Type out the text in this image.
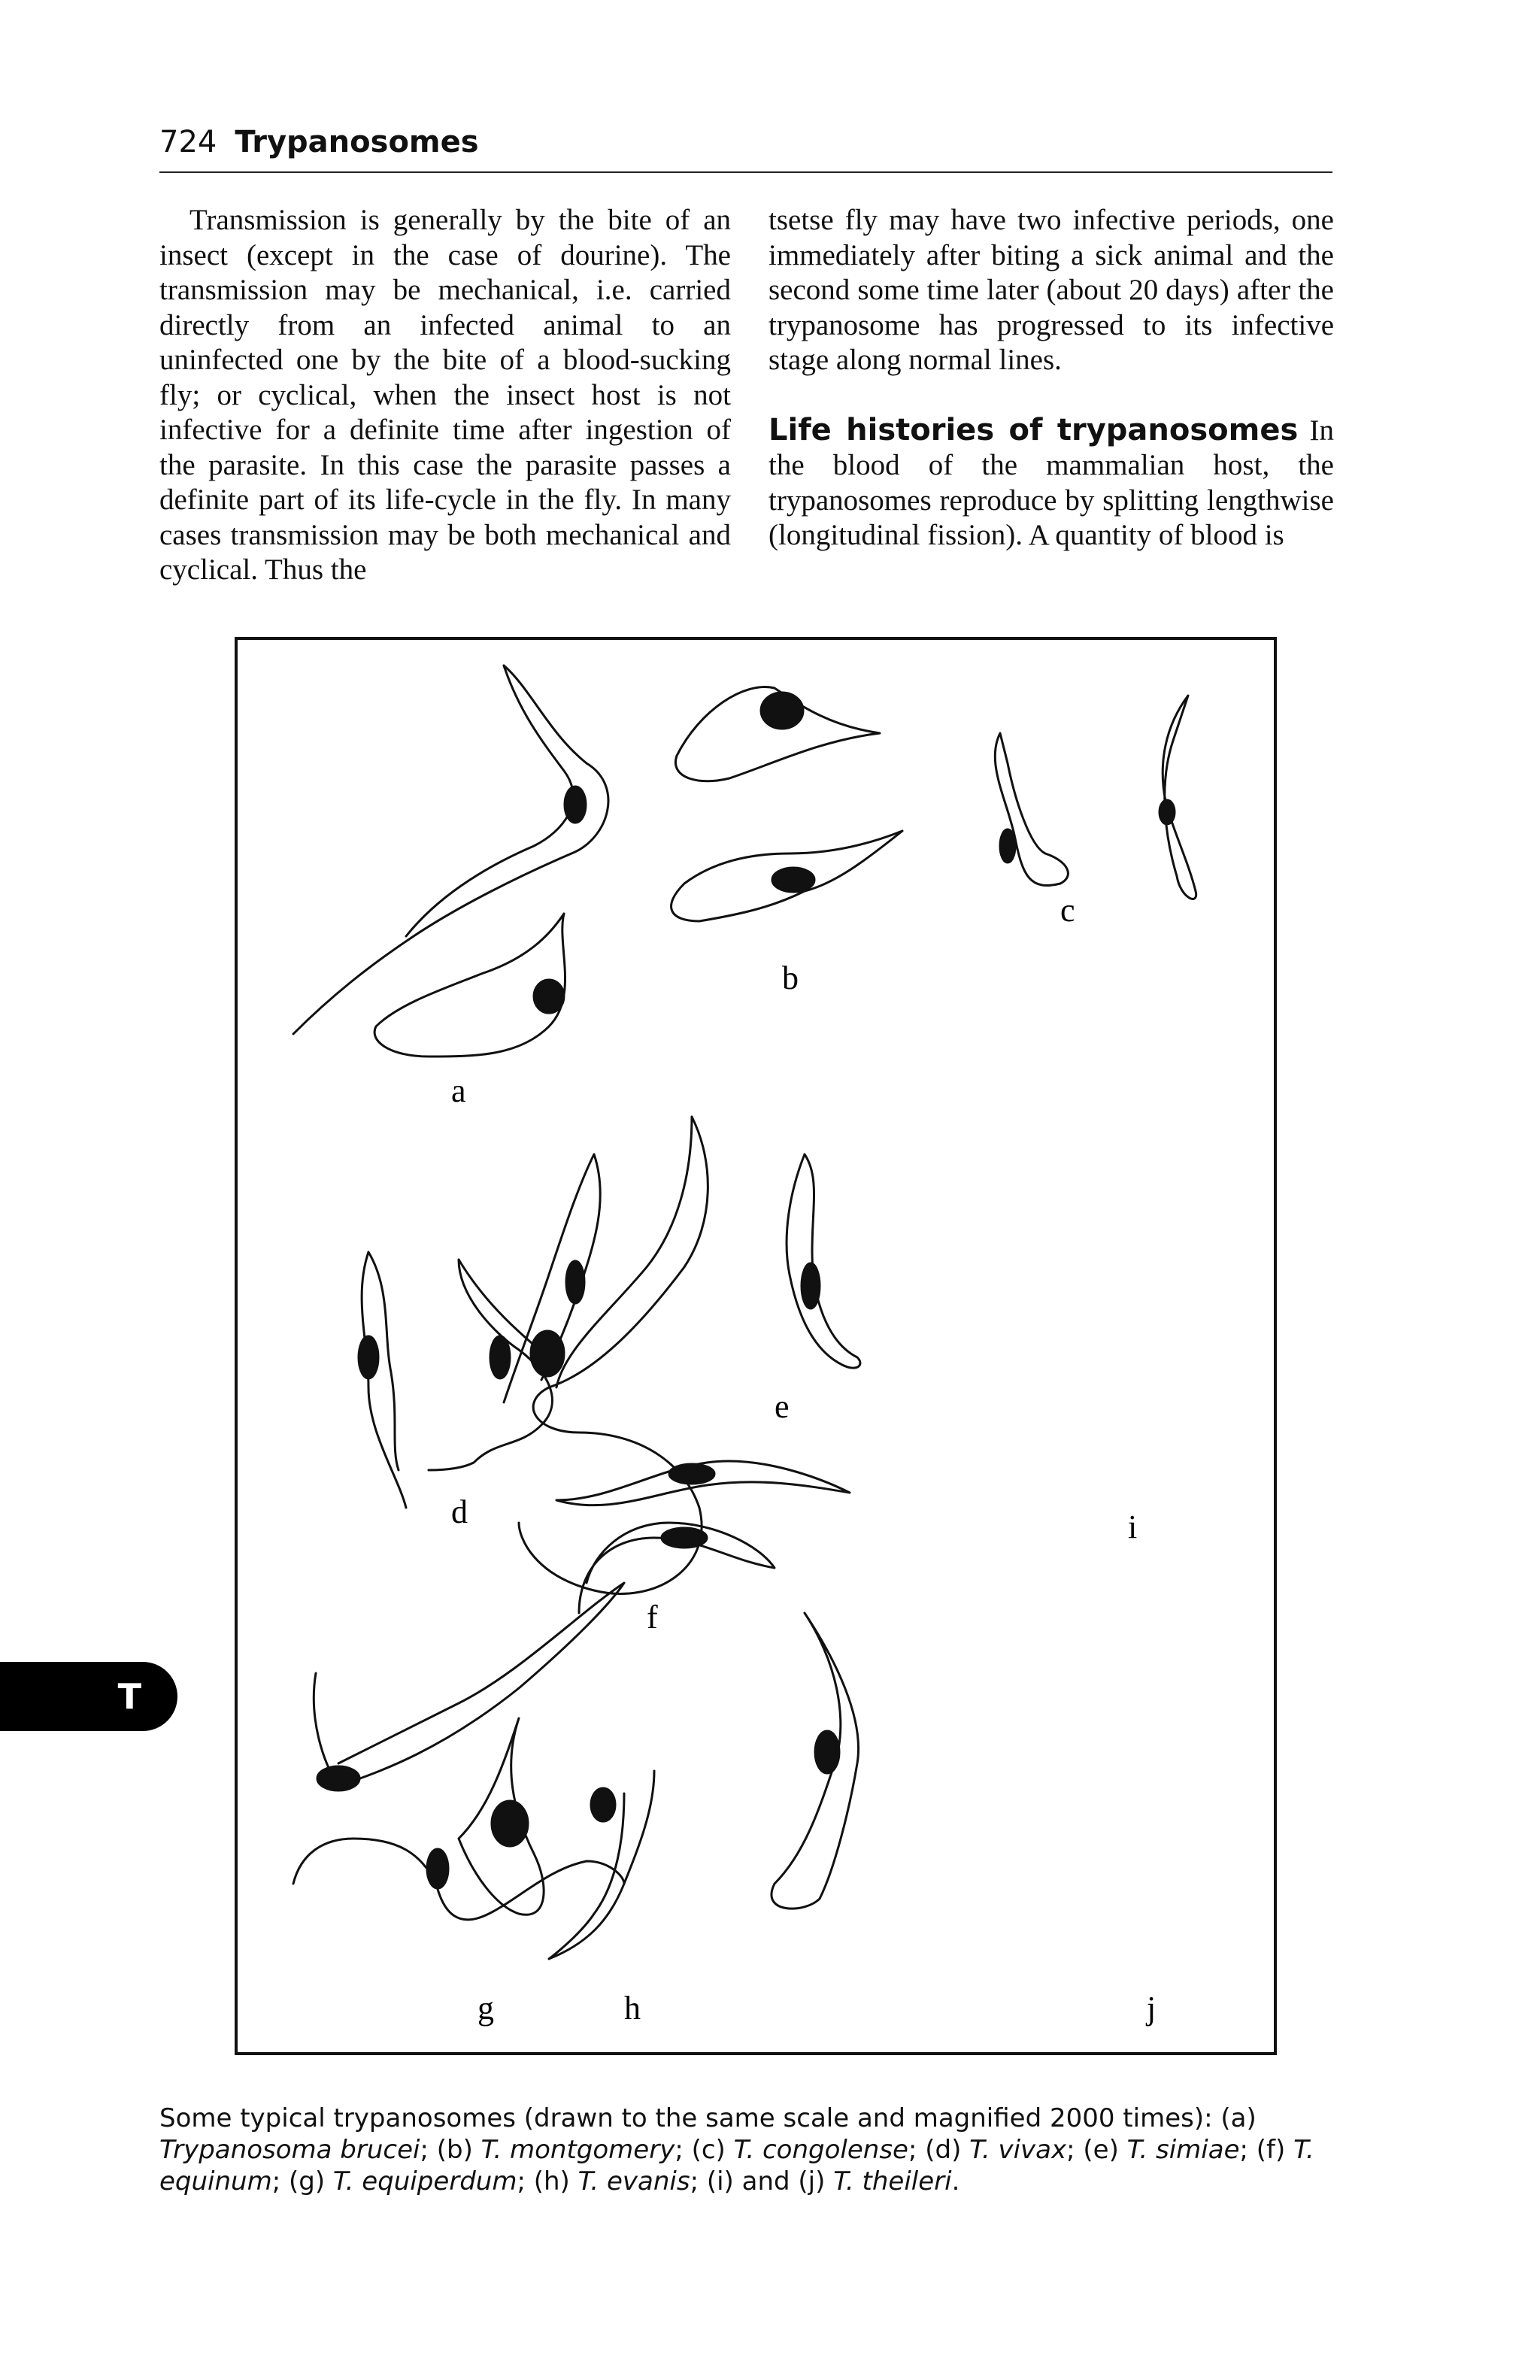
724 Trypanosomes

Transmission is generally by the bite of an insect (except in the case of dourine). The transmission may be mechanical, i.e. carried directly from an infected animal to an uninfected one by the bite of a blood-sucking fly; or cyclical, when the insect host is not infective for a definite time after ingestion of the parasite. In this case the parasite passes a definite part of its life-cycle in the fly. In many cases transmission may be both mechanical and cyclical. Thus the

tsetse fly may have two infective periods, one immediately after biting a sick animal and the second some time later (about 20 days) after the trypanosome has progressed to its infective stage along normal lines.

Life histories of trypanosomes In the blood of the mammalian host, the trypanosomes reproduce by splitting lengthwise (longitudinal fission). A quantity of blood is

a
b
c
d
e
f
g	h
i
j
Some typical trypanosomes (drawn to the same scale and magnified 2000 times): (a) Trypanosoma brucei; (b) T. montgomery; (c) T. congolense; (d) T. vivax; (e) T. simiae; (f) T. equinum; (g) T. equiperdum; (h) T. evanis; (i) and (j) T. theileri.
T
